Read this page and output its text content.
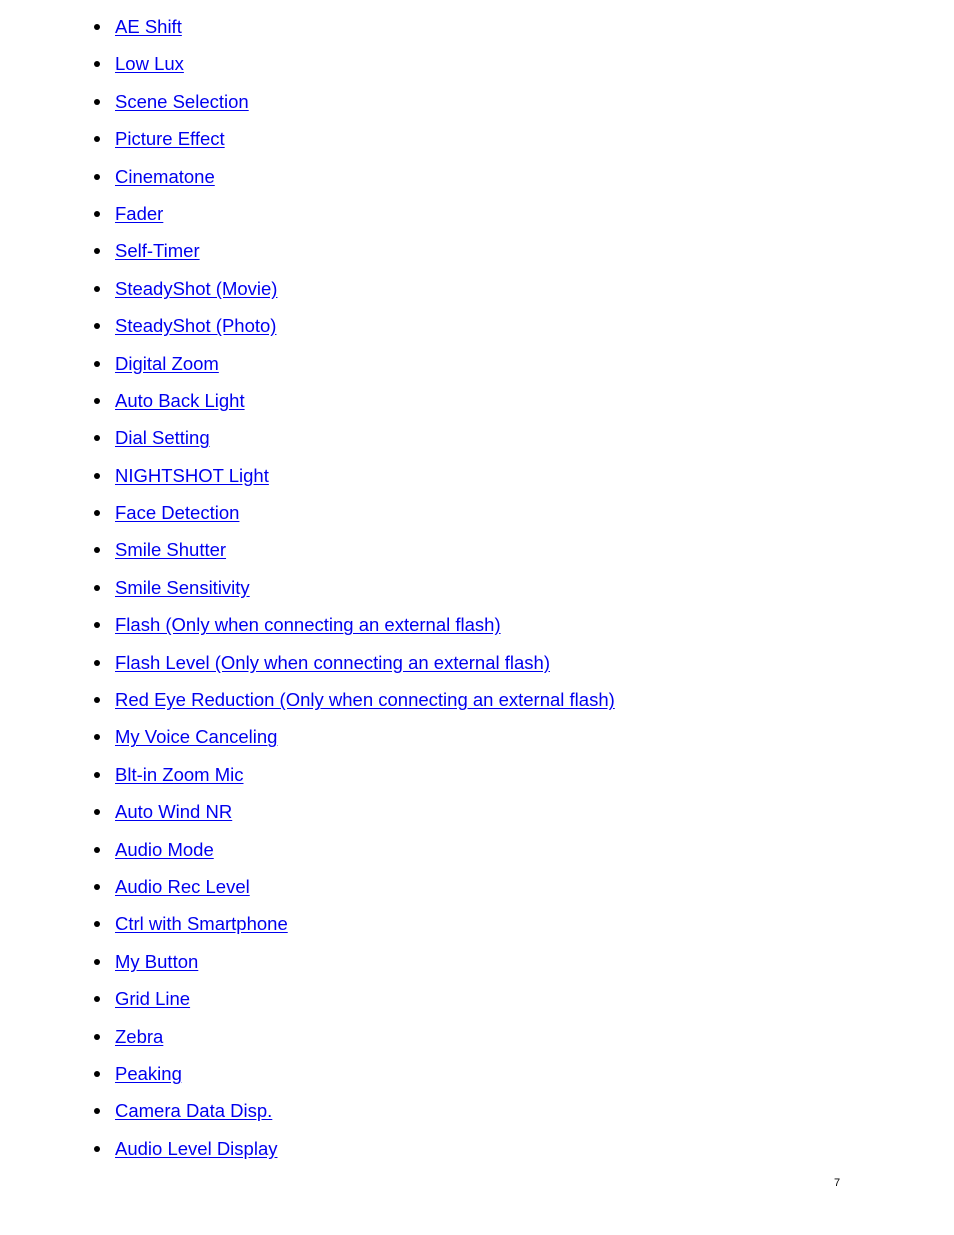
AE Shift
Low Lux
Scene Selection
Picture Effect
Cinematone
Fader
Self-Timer
SteadyShot (Movie)
SteadyShot (Photo)
Digital Zoom
Auto Back Light
Dial Setting
NIGHTSHOT Light
Face Detection
Smile Shutter
Smile Sensitivity
Flash (Only when connecting an external flash)
Flash Level (Only when connecting an external flash)
Red Eye Reduction (Only when connecting an external flash)
My Voice Canceling
Blt-in Zoom Mic
Auto Wind NR
Audio Mode
Audio Rec Level
Ctrl with Smartphone
My Button
Grid Line
Zebra
Peaking
Camera Data Disp.
Audio Level Display
7
